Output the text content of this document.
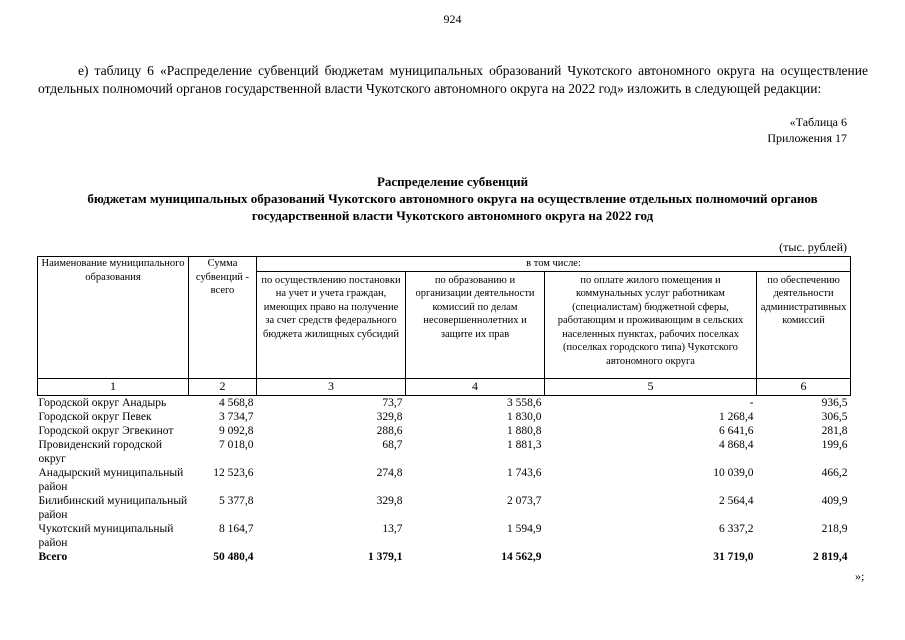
924
е) таблицу 6 «Распределение субвенций бюджетам муниципальных образований Чукотского автономного округа на осуществление отдельных полномочий органов государственной власти Чукотского автономного округа на 2022 год» изложить в следующей редакции:
«Таблица 6
Приложения 17
Распределение субвенций
бюджетам муниципальных образований Чукотского автономного округа на осуществление отдельных полномочий органов
государственной власти Чукотского автономного округа на 2022 год
(тыс. рублей)
Наименование муниципального образования	Сумма субвенций - всего	в том числе:			
		по осуществлению постановки на учет и учета граждан, имеющих право на получение за счет средств федерального бюджета жилищных субсидий	по образованию и организации деятельности комиссий по делам несовершеннолетних и защите их прав	по оплате жилого помещения и коммунальных услуг работникам (специалистам) бюджетной сферы, работающим и проживающим в сельских населенных пунктах, рабочих поселках (поселках городского типа) Чукотского автономного округа	по обеспечению деятельности административных комиссий
1	2	3	4	5	6
Городской округ Анадырь	4 568,8	73,7	3 558,6	-	936,5
Городской округ Певек	3 734,7	329,8	1 830,0	1 268,4	306,5
Городской округ Эгвекинот	9 092,8	288,6	1 880,8	6 641,6	281,8
Провиденский городской округ	7 018,0	68,7	1 881,3	4 868,4	199,6
Анадырский муниципальный район	12 523,6	274,8	1 743,6	10 039,0	466,2
Билибинский муниципальный район	5 377,8	329,8	2 073,7	2 564,4	409,9
Чукотский муниципальный район	8 164,7	13,7	1 594,9	6 337,2	218,9
Всего	50 480,4	1 379,1	14 562,9	31 719,0	2 819,4
»;
